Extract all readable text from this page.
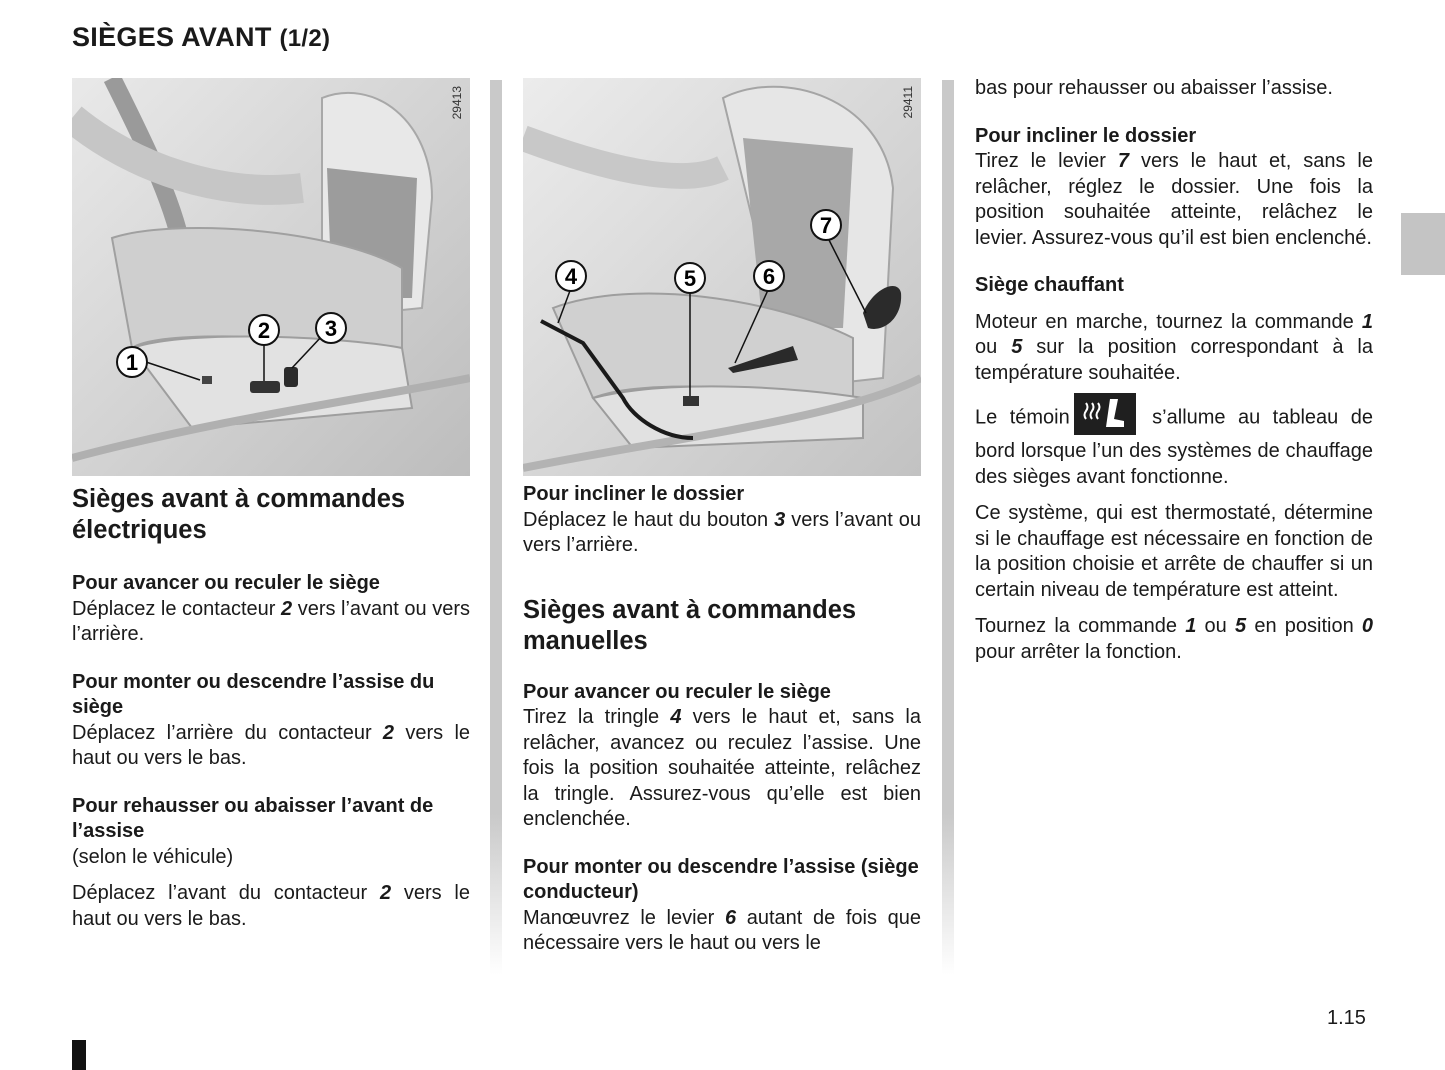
SIÈGES AVANT (1/2)
1
2 3
29413
Sièges avant à commandes électriques
Pour avancer ou reculer le siège

Déplacez le contacteur 2 vers l’avant ou vers l’arrière.

Pour monter ou descendre l’assise du siège

Déplacez l’arrière du contacteur 2 vers le haut ou vers le bas.

Pour rehausser ou abaisser l’avant de l’assise

(selon le véhicule)

Déplacez l’avant du contacteur 2 vers le haut ou vers le bas.

4	5	6
7
29411
Pour incliner le dossier

Déplacez le haut du bouton 3 vers l’avant ou vers l’arrière.

Sièges avant à commandes manuelles
Pour avancer ou reculer le siège

Tirez la tringle 4 vers le haut et, sans la relâcher, avancez ou reculez l’assise. Une fois la position souhaitée atteinte, relâchez la tringle. Assurez-vous qu’elle est bien enclenchée.

Pour monter ou descendre l’assise (siège conducteur)

Manœuvrez le levier 6 autant de fois que nécessaire vers le haut ou vers le

bas pour rehausser ou abaisser l’assise.

Pour incliner le dossier

Tirez le levier 7 vers le haut et, sans le relâcher, réglez le dossier. Une fois la position souhaitée atteinte, relâchez le levier. Assurez-vous qu’il est bien enclenché.

Siège chauffant

Moteur en marche, tournez la commande 1 ou 5 sur la position correspondant à la température souhaitée.

Le témoin	s’allume au tableau de bord lorsque l’un des systèmes de chauffage des sièges avant fonctionne.

Ce système, qui est thermostaté, détermine si le chauffage est nécessaire en fonction de la position choisie et arrête de chauffer si un certain niveau de température est atteint.

Tournez la commande 1 ou 5 en position 0 pour arrêter la fonction.

1.15
